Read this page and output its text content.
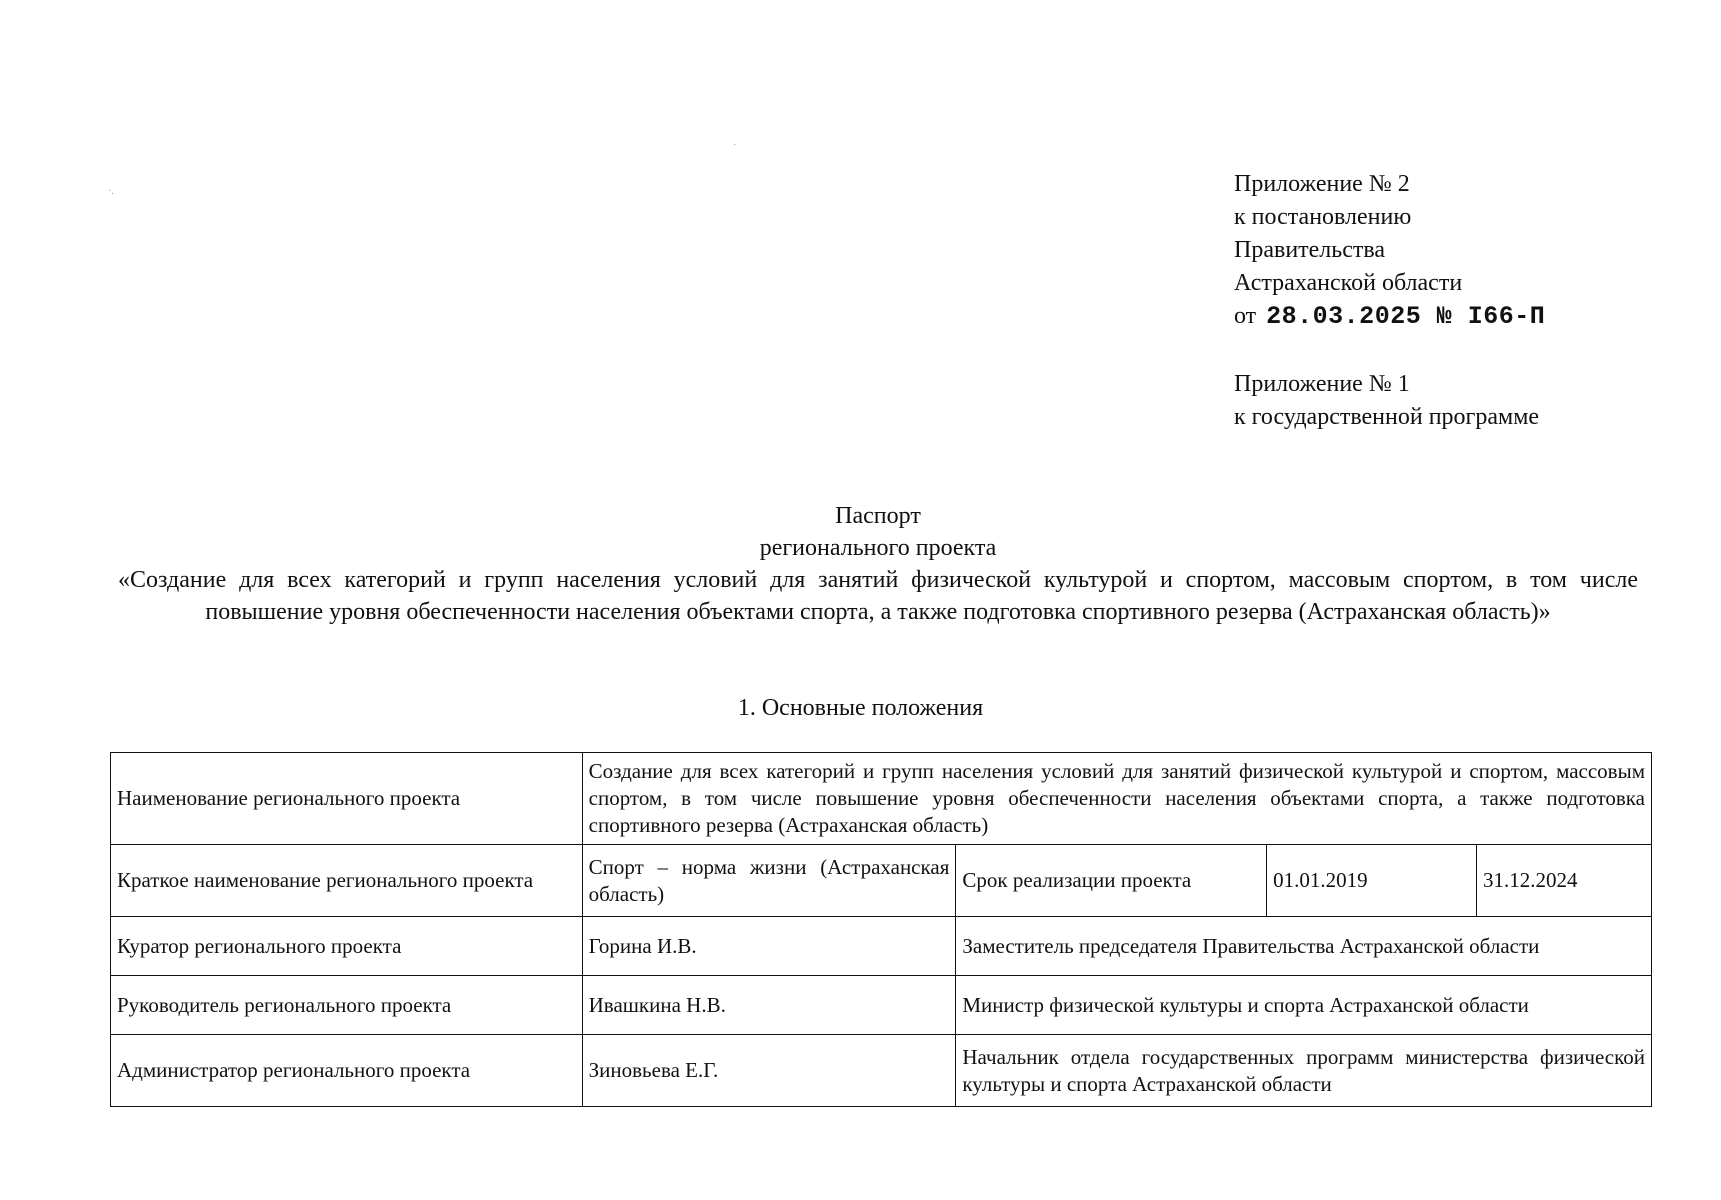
·.
·
Приложение № 2
к постановлению
Правительства
Астраханской области
от 28.03.2025 № I66-П
Приложение № 1
к государственной программе
Паспорт
регионального проекта
«Создание для всех категорий и групп населения условий для занятий физической культурой и спортом, массовым спортом, в том числе повышение уровня обеспеченности населения объектами спорта, а также подготовка спортивного резерва (Астраханская область)»
1. Основные положения
Наименование регионального проекта	Создание для всех категорий и групп населения условий для занятий физической культурой и спортом, массовым спортом, в том числе повышение уровня обеспеченности населения объектами спорта, а также подготовка спортивного резерва (Астраханская область)			
Краткое наименование регионального проекта	Спорт – норма жизни (Астраханская область)	Срок реализации проекта	01.01.2019	31.12.2024
Куратор регионального проекта	Горина И.В.	Заместитель председателя Правительства Астраханской области		
Руководитель регионального проекта	Ивашкина Н.В.	Министр физической культуры и спорта Астраханской области		
Администратор регионального проекта	Зиновьева Е.Г.	Начальник отдела государственных программ министерства физической культуры и спорта Астраханской области		
